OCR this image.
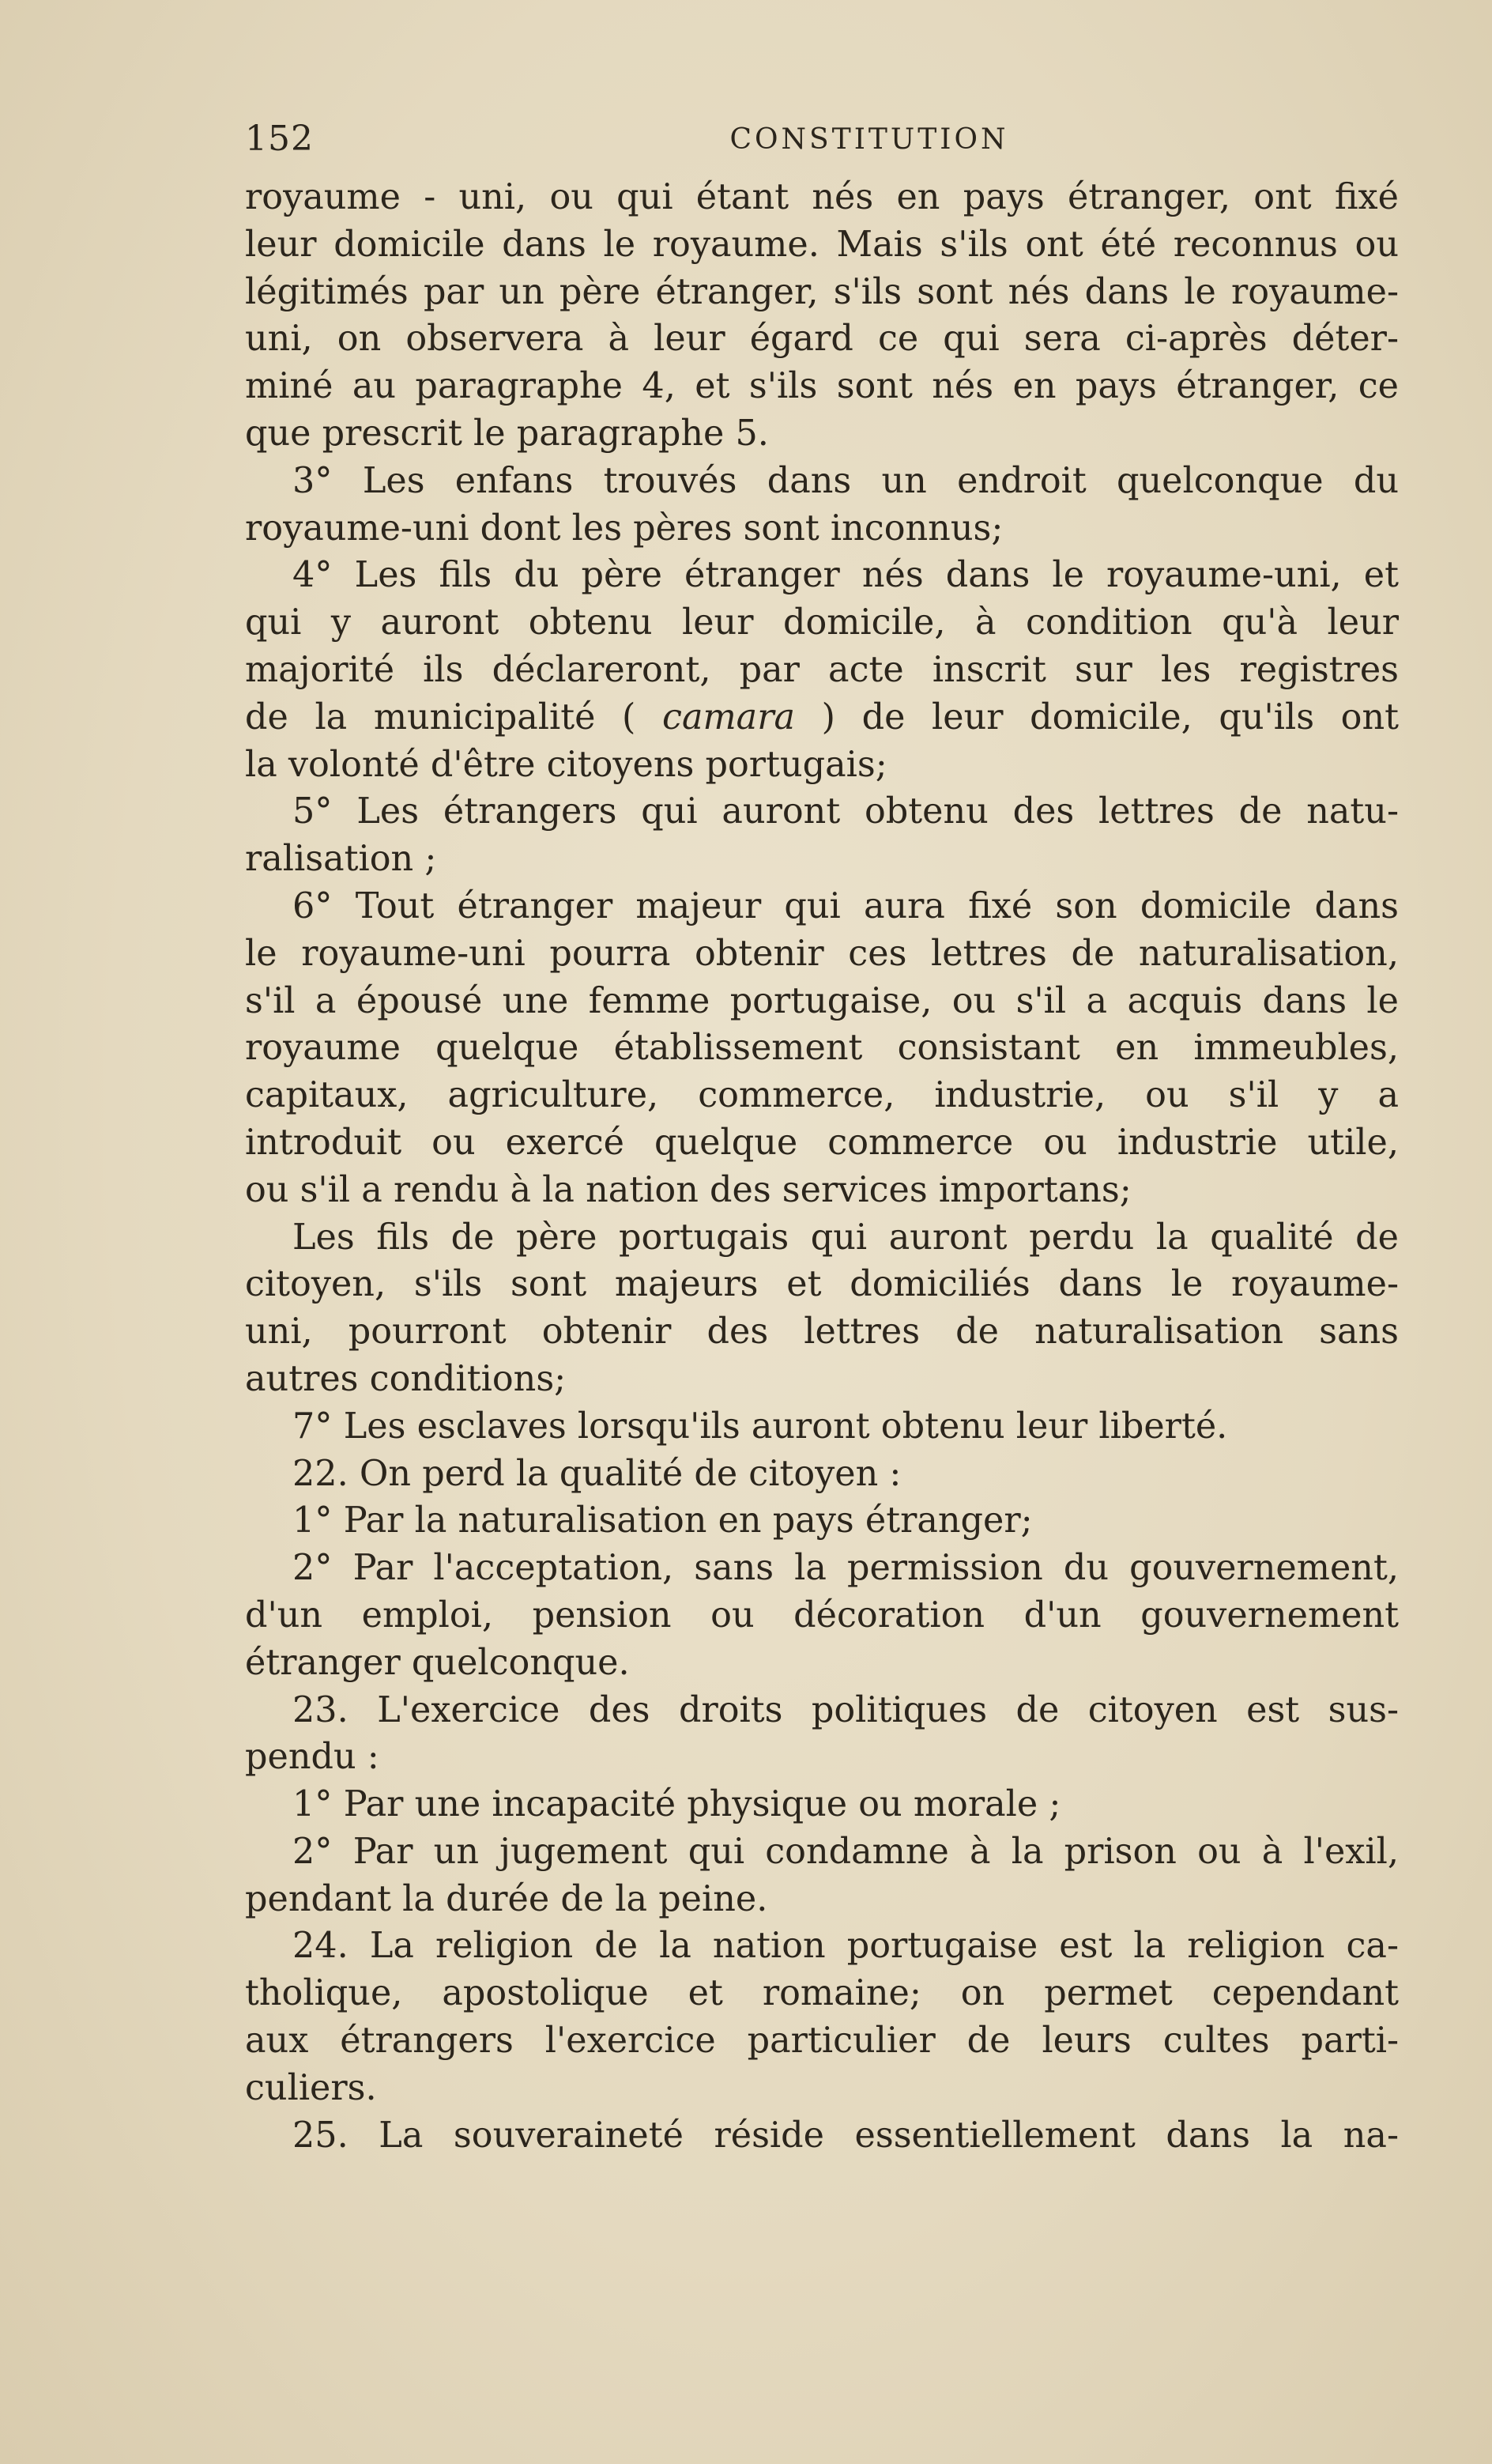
152	CONSTITUTION
royaume - uni, ou qui étant nés en pays étranger, ont fixé
leur domicile dans le royaume. Mais s'ils ont été reconnus ou
légitimés par un père étranger, s'ils sont nés dans le royaume-
uni, on observera à leur égard ce qui sera ci-après déter-
miné au paragraphe 4, et s'ils sont nés en pays étranger, ce
que prescrit le paragraphe 5.
3° Les enfans trouvés dans un endroit quelconque du
royaume-uni dont les pères sont inconnus;
4° Les fils du père étranger nés dans le royaume-uni, et
qui y auront obtenu leur domicile, à condition qu'à leur
majorité ils déclareront, par acte inscrit sur les registres
de la municipalité ( camara ) de leur domicile, qu'ils ont
la volonté d'être citoyens portugais;
5° Les étrangers qui auront obtenu des lettres de natu-
ralisation ;
6° Tout étranger majeur qui aura fixé son domicile dans
le royaume-uni pourra obtenir ces lettres de naturalisation,
s'il a épousé une femme portugaise, ou s'il a acquis dans le
royaume quelque établissement consistant en immeubles,
capitaux, agriculture, commerce, industrie, ou s'il y a
introduit ou exercé quelque commerce ou industrie utile,
ou s'il a rendu à la nation des services importans;
Les fils de père portugais qui auront perdu la qualité de
citoyen, s'ils sont majeurs et domiciliés dans le royaume-
uni, pourront obtenir des lettres de naturalisation sans
autres conditions;
7° Les esclaves lorsqu'ils auront obtenu leur liberté.
22. On perd la qualité de citoyen :
1° Par la naturalisation en pays étranger;
2° Par l'acceptation, sans la permission du gouvernement,
d'un emploi, pension ou décoration d'un gouvernement
étranger quelconque.
23. L'exercice des droits politiques de citoyen est sus-
pendu :
1° Par une incapacité physique ou morale ;
2° Par un jugement qui condamne à la prison ou à l'exil,
pendant la durée de la peine.
24. La religion de la nation portugaise est la religion ca-
tholique, apostolique et romaine; on permet cependant
aux étrangers l'exercice particulier de leurs cultes parti-
culiers.
25. La souveraineté réside essentiellement dans la na-
